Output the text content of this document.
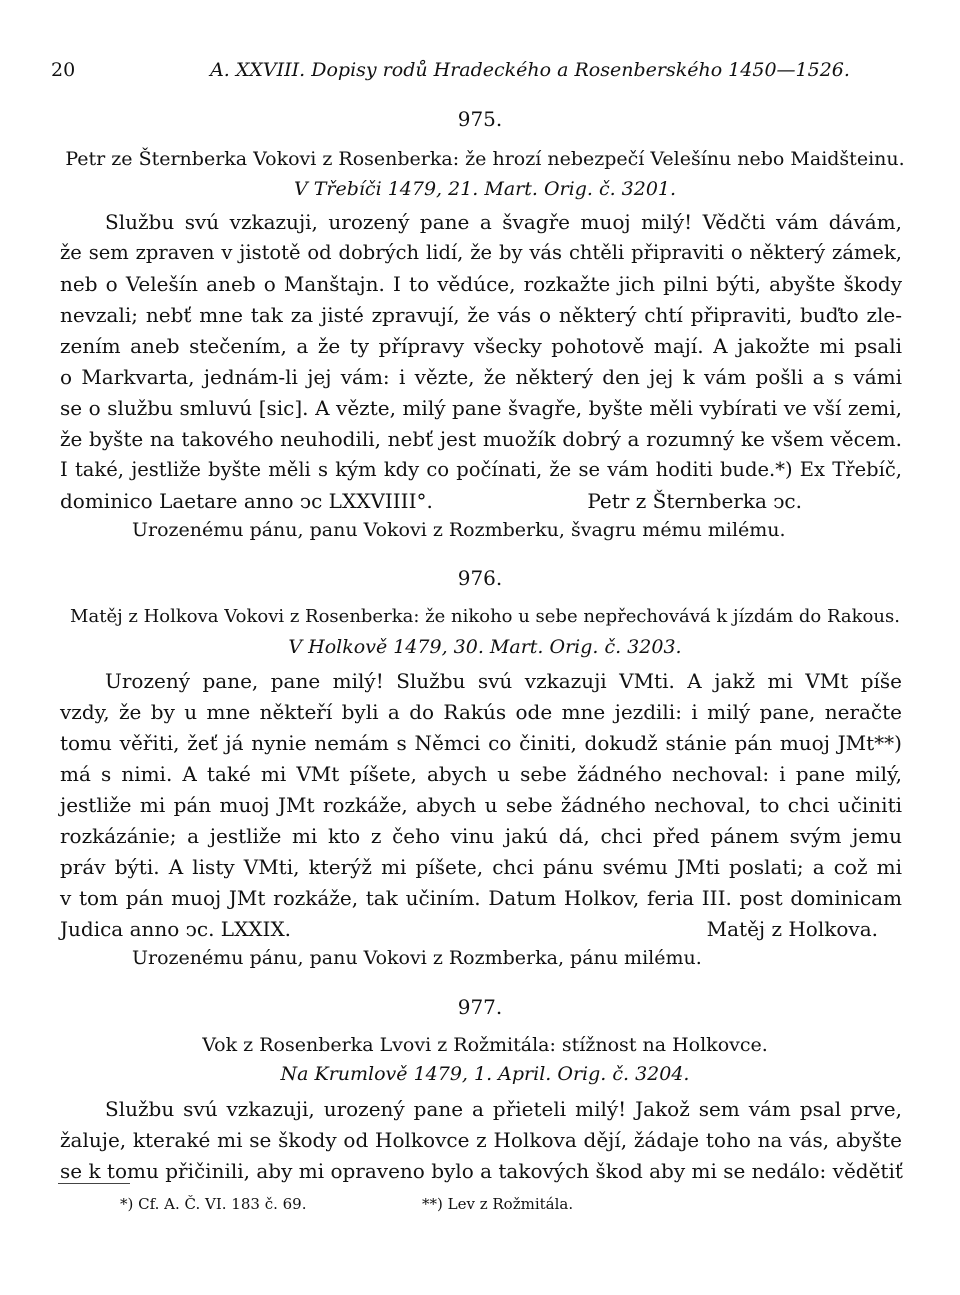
20	A. XXVIII. Dopisy rodů Hradeckého a Rosenberského 1450—1526.
975.
Petr ze Šternberka Vokovi z Rosenberka: že hrozí nebezpečí Velešínu nebo Maidšteinu.
V Třebíči 1479, 21. Mart. Orig. č. 3201.
Službu svú vzkazuji, urozený pane a švagře muoj milý! Vědčti vám dávám,
že sem zpraven v jistotě od dobrých lidí, že by vás chtěli připraviti o některý zámek,
neb o Velešín aneb o Manštajn. I to vědúce, rozkažte jich pilni býti, abyšte škody
nevzali; nebť mne tak za jisté zpravují, že vás o některý chtí připraviti, buďto zle-
zením aneb stečením, a že ty přípravy všecky pohotově mají. A jakožte mi psali
o Markvarta, jednám-li jej vám: i vězte, že některý den jej k vám pošli a s vámi
se o službu smluvú [sic]. A vězte, milý pane švagře, byšte měli vybírati ve vší zemi,
že byšte na takového neuhodili, nebť jest muožík dobrý a rozumný ke všem věcem.
I také, jestliže byšte měli s kým kdy co počínati, že se vám hoditi bude.*) Ex Třebíč,
dominico Laetare anno ↄc LXXVIIII°.	Petr z Šternberka ↄc.
Urozenému pánu, panu Vokovi z Rozmberku, švagru mému milému.
976.
Matěj z Holkova Vokovi z Rosenberka: že nikoho u sebe nepřechovává k jízdám do Rakous.
V Holkově 1479, 30. Mart. Orig. č. 3203.
Urozený pane, pane milý! Službu svú vzkazuji VMti. A jakž mi VMt píše
vzdy, že by u mne někteří byli a do Rakús ode mne jezdili: i milý pane, neračte
tomu věřiti, žeť já nynie nemám s Němci co činiti, dokudž stánie pán muoj JMt**)
má s nimi. A také mi VMt píšete, abych u sebe žádného nechoval: i pane milý,
jestliže mi pán muoj JMt rozkáže, abych u sebe žádného nechoval, to chci učiniti
rozkázánie; a jestliže mi kto z čeho vinu jakú dá, chci před pánem svým jemu
práv býti. A listy VMti, kterýž mi píšete, chci pánu svému JMti poslati; a což mi
v tom pán muoj JMt rozkáže, tak učiním. Datum Holkov, feria III. post dominicam
Judica anno ↄc. LXXIX.	Matěj z Holkova.
Urozenému pánu, panu Vokovi z Rozmberka, pánu milému.
977.
Vok z Rosenberka Lvovi z Rožmitála: stížnost na Holkovce.
Na Krumlově 1479, 1. April. Orig. č. 3204.
Službu svú vzkazuji, urozený pane a přieteli milý! Jakož sem vám psal prve,
žaluje, kteraké mi se škody od Holkovce z Holkova dějí, žádaje toho na vás, abyšte
se k tomu přičinili, aby mi opraveno bylo a takových škod aby mi se nedálo: vědětiť
*) Cf. A. Č. VI. 183 č. 69.	**) Lev z Rožmitála.
